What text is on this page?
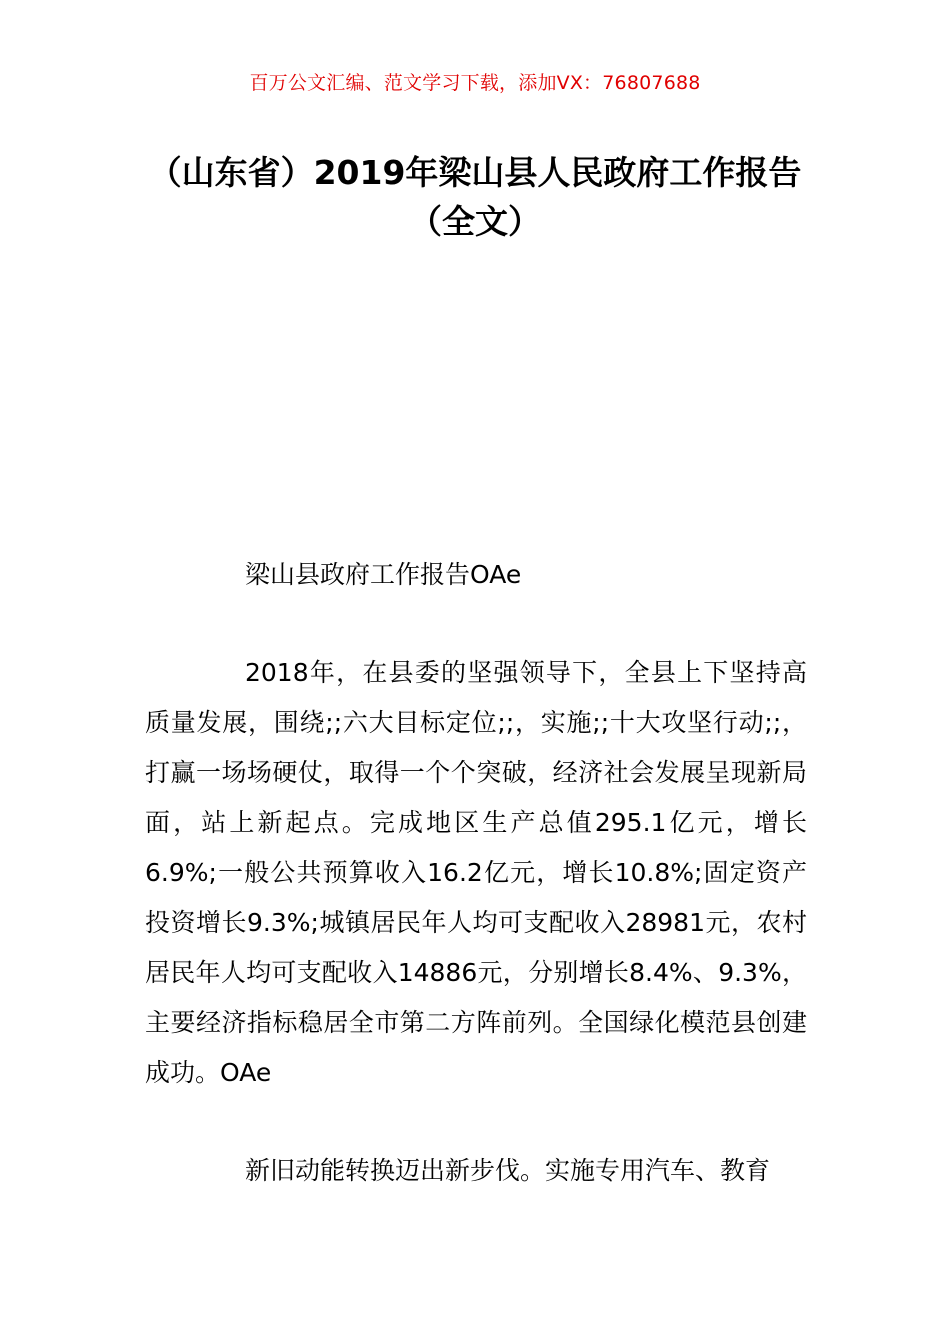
百万公文汇编、范文学习下载，添加VX：76807688
（山东省）2019年梁山县人民政府工作报告（全文）

梁山县政府工作报告OAe

2018年，在县委的坚强领导下，全县上下坚持高质量发展，围绕;;六大目标定位;;，实施;;十大攻坚行动;;，打赢一场场硬仗，取得一个个突破，经济社会发展呈现新局面，站上新起点。完成地区生产总值295.1亿元，增长6.9%;一般公共预算收入16.2亿元，增长10.8%;固定资产投资增长9.3%;城镇居民年人均可支配收入28981元，农村居民年人均可支配收入14886元，分别增长8.4%、9.3%，主要经济指标稳居全市第二方阵前列。全国绿化模范县创建成功。OAe

新旧动能转换迈出新步伐。实施专用汽车、教育
